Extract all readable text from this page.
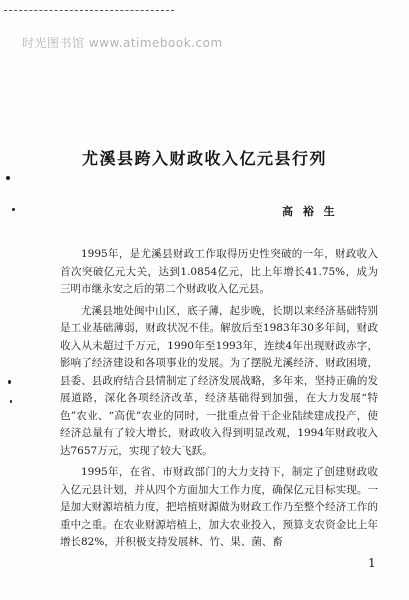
时光图书馆 www.atimebook.com
尤溪县跨入财政收入亿元县行列
高 裕 生

1995年，是尤溪县财政工作取得历史性突破的一年，财政收入首次突破亿元大关，达到1.0854亿元，比上年增长41.75%，成为三明市继永安之后的第二个财政收入亿元县。

尤溪县地处闽中山区，底子薄，起步晚，长期以来经济基础特别是工业基础薄弱，财政状况不佳。解放后至1983年30多年间，财政收入从未超过千万元，1990年至1993年，连续4年出现财政赤字，影响了经济建设和各项事业的发展。为了摆脱尤溪经济、财政困境，县委、县政府结合县情制定了经济发展战略，多年来，坚持正确的发展道路，深化各项经济改革，经济基础得到加强，在大力发展“特色”农业、“高优”农业的同时，一批重点骨干企业陆续建成投产，使经济总量有了较大增长，财政收入得到明显改观，1994年财政收入达7657万元，实现了较大飞跃。

1995年，在省、市财政部门的大力支持下，制定了创建财政收入亿元县计划，并从四个方面加大工作力度，确保亿元目标实现。一是加大财源培植力度，把培植财源做为财政工作乃至整个经济工作的重中之重。在农业财源培植上，加大农业投入，预算支农资金比上年增长82%，并积极支持发展林、竹、果、菌、畜

1
